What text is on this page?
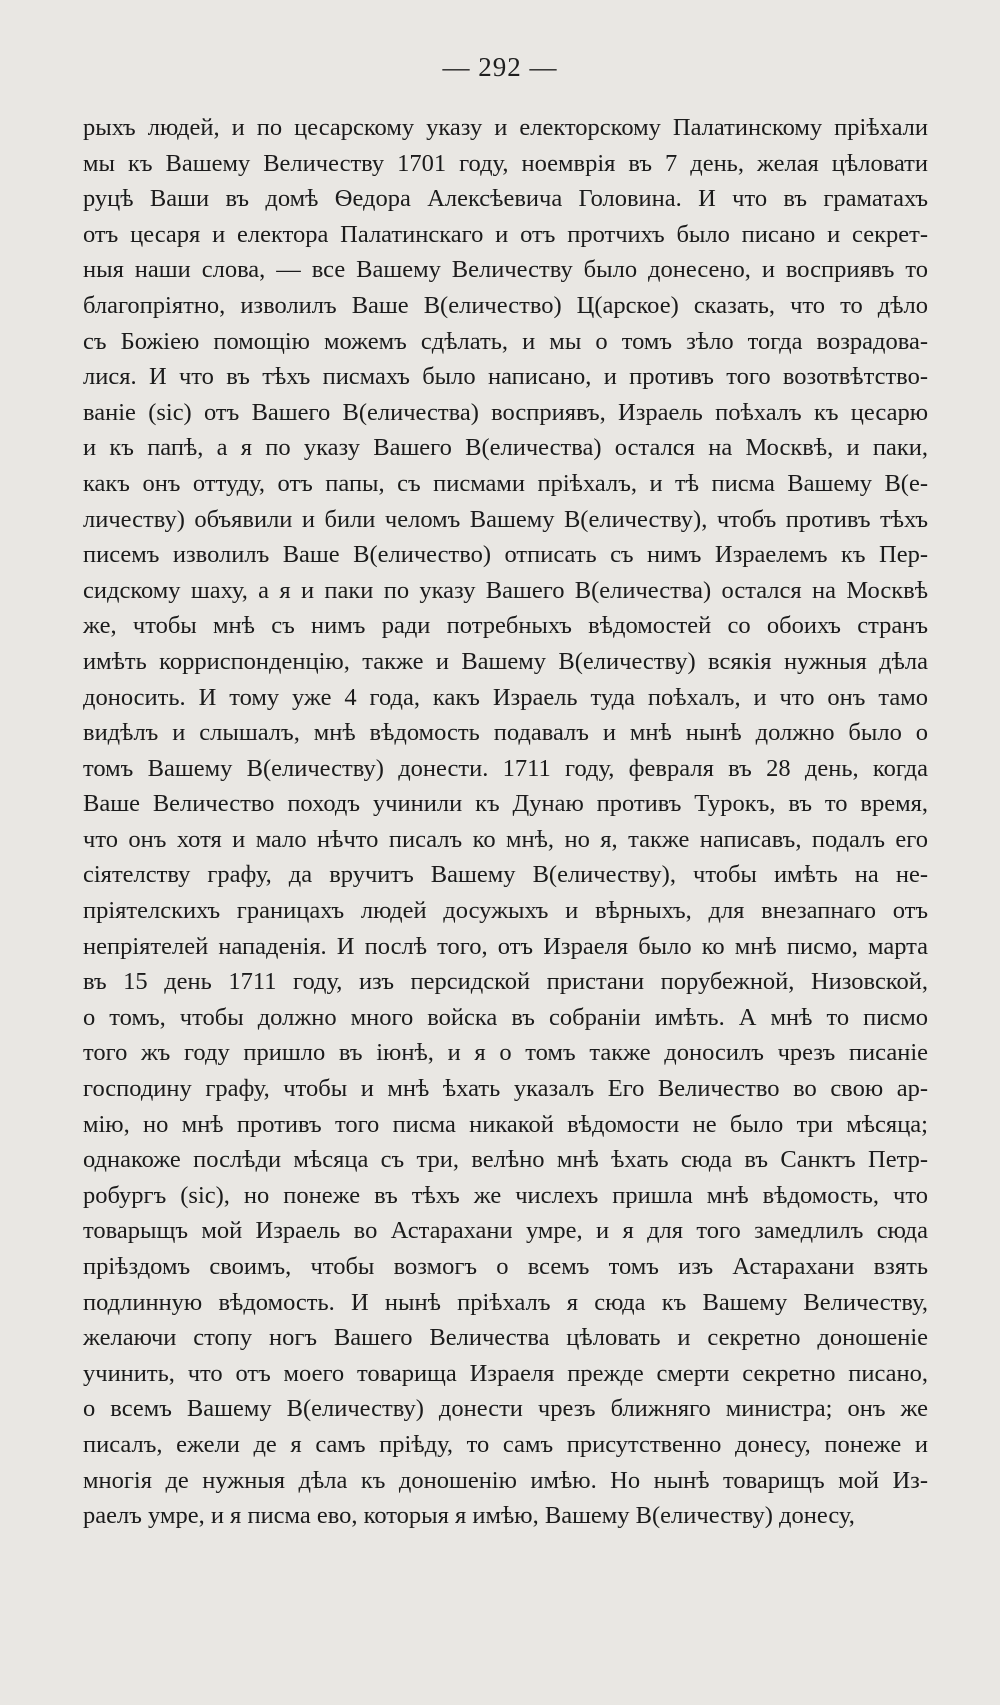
— 292 —
рыхъ людей, и по цесарскому указу и електорскому Палатинскому пріѣхали
мы къ Вашему Величеству 1701 году, ноемврія въ 7 день, желая цѣловати
руцѣ Ваши въ домѣ Ѳедора Алексѣевича Головина. И что въ граматахъ
отъ цесаря и електора Палатинскаго и отъ протчихъ было писано и секрет-
ныя наши слова, — все Вашему Величеству было донесено, и восприявъ то
благопріятно, изволилъ Ваше В(еличество) Ц(арское) сказать, что то дѣло
съ Божіею помощію можемъ сдѣлать, и мы о томъ зѣло тогда возрадова-
лися. И что въ тѣхъ писмахъ было написано, и противъ того возотвѣтство-
ваніе (sic) отъ Вашего В(еличества) восприявъ, Израель поѣхалъ къ цесарю
и къ папѣ, а я по указу Вашего В(еличества) остался на Москвѣ, и паки,
какъ онъ оттуду, отъ папы, съ писмами пріѣхалъ, и тѣ писма Вашему В(е-
личеству) объявили и били челомъ Вашему В(еличеству), чтобъ противъ тѣхъ
писемъ изволилъ Ваше В(еличество) отписать съ нимъ Израелемъ къ Пер-
сидскому шаху, а я и паки по указу Вашего В(еличества) остался на Москвѣ
же, чтобы мнѣ съ нимъ ради потребныхъ вѣдомостей со обоихъ странъ
имѣть корриспонденцію, также и Вашему В(еличеству) всякія нужныя дѣла
доносить. И тому уже 4 года, какъ Израель туда поѣхалъ, и что онъ тамо
видѣлъ и слышалъ, мнѣ вѣдомость подавалъ и мнѣ нынѣ должно было о
томъ Вашему В(еличеству) донести. 1711 году, февраля въ 28 день, когда
Ваше Величество походъ учинили къ Дунаю противъ Турокъ, въ то время,
что онъ хотя и мало нѣчто писалъ ко мнѣ, но я, также написавъ, подалъ его
сіятелству графу, да вручитъ Вашему В(еличеству), чтобы имѣть на не-
пріятелскихъ границахъ людей досужыхъ и вѣрныхъ, для внезапнаго отъ
непріятелей нападенія. И послѣ того, отъ Израеля было ко мнѣ писмо, марта
въ 15 день 1711 году, изъ персидской пристани порубежной, Низовской,
о томъ, чтобы должно много войска въ собраніи имѣть. А мнѣ то писмо
того жъ году пришло въ іюнѣ, и я о томъ также доносилъ чрезъ писаніе
господину графу, чтобы и мнѣ ѣхать указалъ Его Величество во свою ар-
мію, но мнѣ противъ того писма никакой вѣдомости не было три мѣсяца;
однакоже послѣди мѣсяца съ три, велѣно мнѣ ѣхать сюда въ Санктъ Петр-
робургъ (sic), но понеже въ тѣхъ же числехъ пришла мнѣ вѣдомость, что
товарыщъ мой Израель во Астарахани умре, и я для того замедлилъ сюда
пріѣздомъ своимъ, чтобы возмогъ о всемъ томъ изъ Астарахани взять
подлинную вѣдомость. И нынѣ пріѣхалъ я сюда къ Вашему Величеству,
желаючи стопу ногъ Вашего Величества цѣловать и секретно доношеніе
учинить, что отъ моего товарища Израеля прежде смерти секретно писано,
о всемъ Вашему В(еличеству) донести чрезъ ближняго министра; онъ же
писалъ, ежели де я самъ пріѣду, то самъ присутственно донесу, понеже и
многія де нужныя дѣла къ доношенію имѣю. Но нынѣ товарищъ мой Из-
раелъ умре, и я писма ево, которыя я имѣю, Вашему В(еличеству) донесу,
